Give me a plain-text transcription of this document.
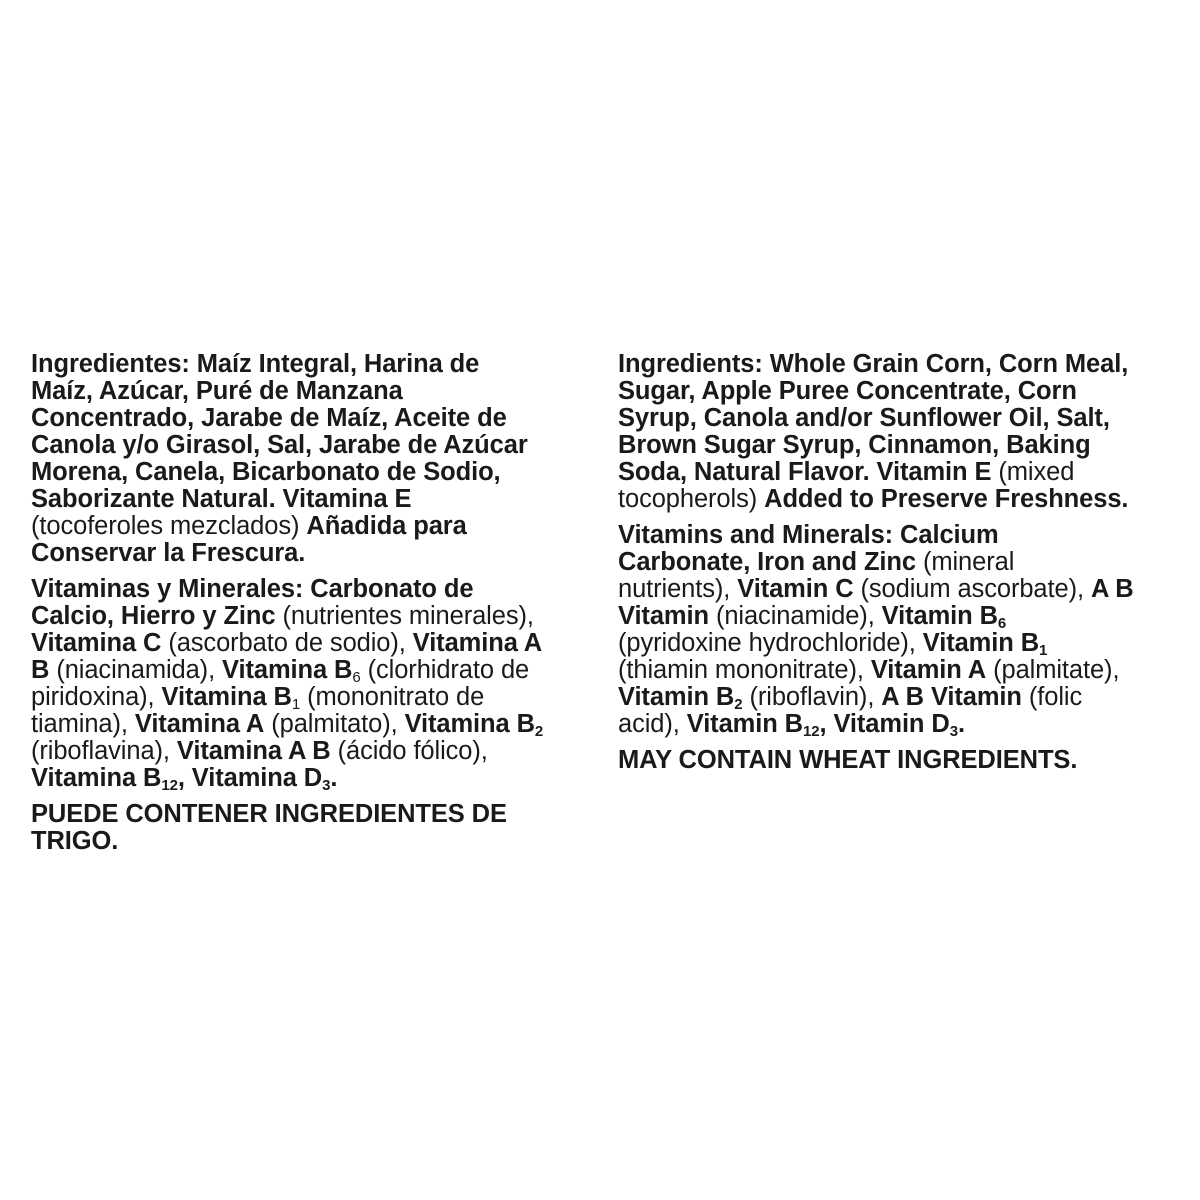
Ingredientes: Maíz Integral, Harina de
Maíz, Azúcar, Puré de Manzana
Concentrado, Jarabe de Maíz, Aceite de
Canola y/o Girasol, Sal, Jarabe de Azúcar
Morena, Canela, Bicarbonato de Sodio,
Saborizante Natural. Vitamina E
(tocoferoles mezclados) Añadida para
Conservar la Frescura.
Vitaminas y Minerales: Carbonato de
Calcio, Hierro y Zinc (nutrientes minerales),
Vitamina C (ascorbato de sodio), Vitamina A
B (niacinamida), Vitamina $B_6$ (clorhidrato de
piridoxina), Vitamina $B_1$ (mononitrato de
tiamina), Vitamina A (palmitato), Vitamina $B_2$
(riboflavina), Vitamina A B (ácido fólico),
Vitamina $B_{12}$, Vitamina $D_3$.
PUEDE CONTENER INGREDIENTES DE
TRIGO.
Ingredients: Whole Grain Corn, Corn Meal,
Sugar, Apple Puree Concentrate, Corn
Syrup, Canola and/or Sunflower Oil, Salt,
Brown Sugar Syrup, Cinnamon, Baking
Soda, Natural Flavor. Vitamin E (mixed
tocopherols) Added to Preserve Freshness.
Vitamins and Minerals: Calcium
Carbonate, Iron and Zinc (mineral
nutrients), Vitamin C (sodium ascorbate), A B
Vitamin (niacinamide), Vitamin $B_6$
(pyridoxine hydrochloride), Vitamin $B_1$
(thiamin mononitrate), Vitamin A (palmitate),
Vitamin $B_2$ (riboflavin), A B Vitamin (folic
acid), Vitamin $B_{12}$, Vitamin $D_3$.
MAY CONTAIN WHEAT INGREDIENTS.
